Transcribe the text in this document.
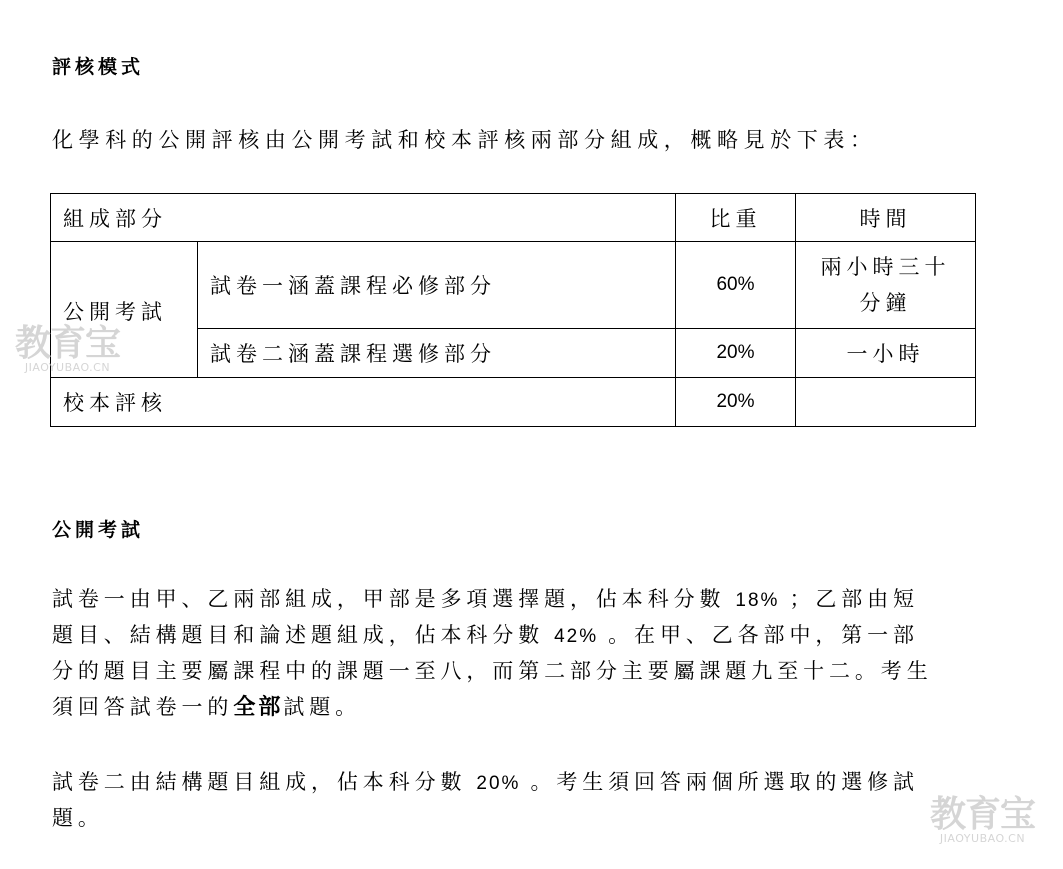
評核模式

化學科的公開評核由公開考試和校本評核兩部分組成，概略見於下表：

組成部分		比重	時間

公開考試	試卷一涵蓋課程必修部分	60%	兩小時三十
分鐘

	試卷二涵蓋課程選修部分	20%	一小時
校本評核		20%	
公開考試
試卷一由甲、乙兩部組成，甲部是多項選擇題，佔本科分數 18% ；乙部由短
題目、結構題目和論述題組成，佔本科分數 42% 。在甲、乙各部中，第一部
分的題目主要屬課程中的課題一至八，而第二部分主要屬課題九至十二。考生
須回答試卷一的全部試題。
試卷二由結構題目組成，佔本科分數 20% 。考生須回答兩個所選取的選修試
題。
教育宝
JIAOYUBAO.CN
教育宝
JIAOYUBAO.CN
